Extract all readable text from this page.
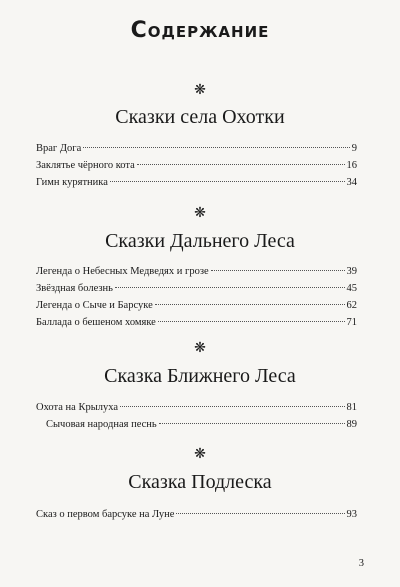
Содержание
❋
Сказки села Охотки
Враг Дога	9
Заклятье чёрного кота	16
Гимн курятника	34
❋
Сказки Дальнего Леса
Легенда о Небесных Медведях и грозе	39
Звёздная болезнь	45
Легенда о Сыче и Барсуке	62
Баллада о бешеном хомяке	71
❋
Сказка Ближнего Леса
Охота на Крылуха	81
Сычовая народная песнь	89
❋
Сказка Подлеска
Сказ о первом барсуке на Луне	93
3
